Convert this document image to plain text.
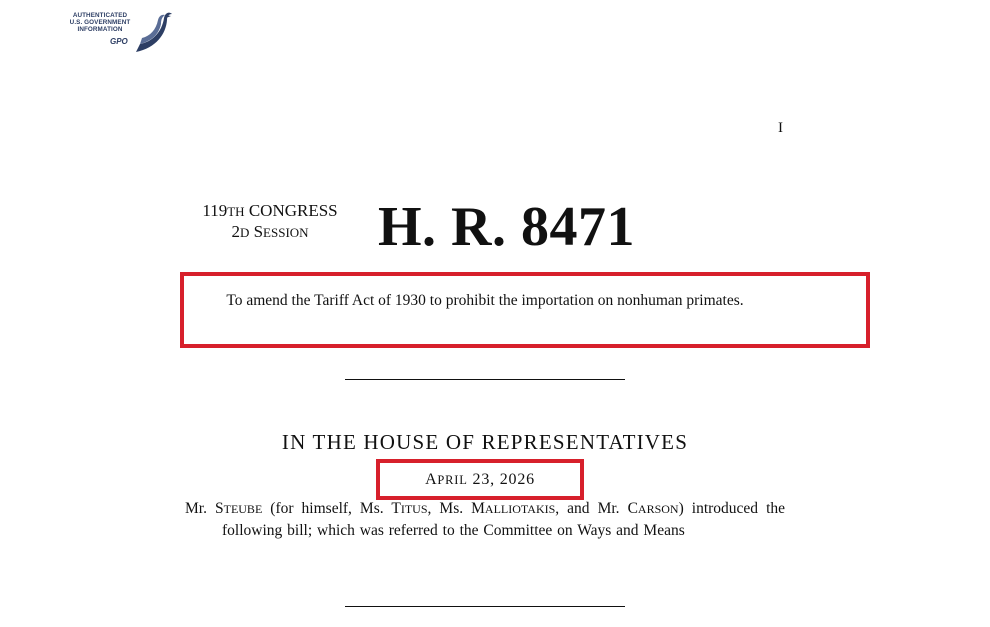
AUTHENTICATED
U.S. GOVERNMENT
INFORMATION
GPO
I
119TH CONGRESS
2D SESSION	H. R. 8471
To amend the Tariff Act of 1930 to prohibit the importation on nonhuman primates.
IN THE HOUSE OF REPRESENTATIVES
APRIL 23, 2026
Mr. STEUBE (for himself, Ms. TITUS, Ms. MALLIOTAKIS, and Mr. CARSON) introduced the following bill; which was referred to the Committee on Ways and Means
